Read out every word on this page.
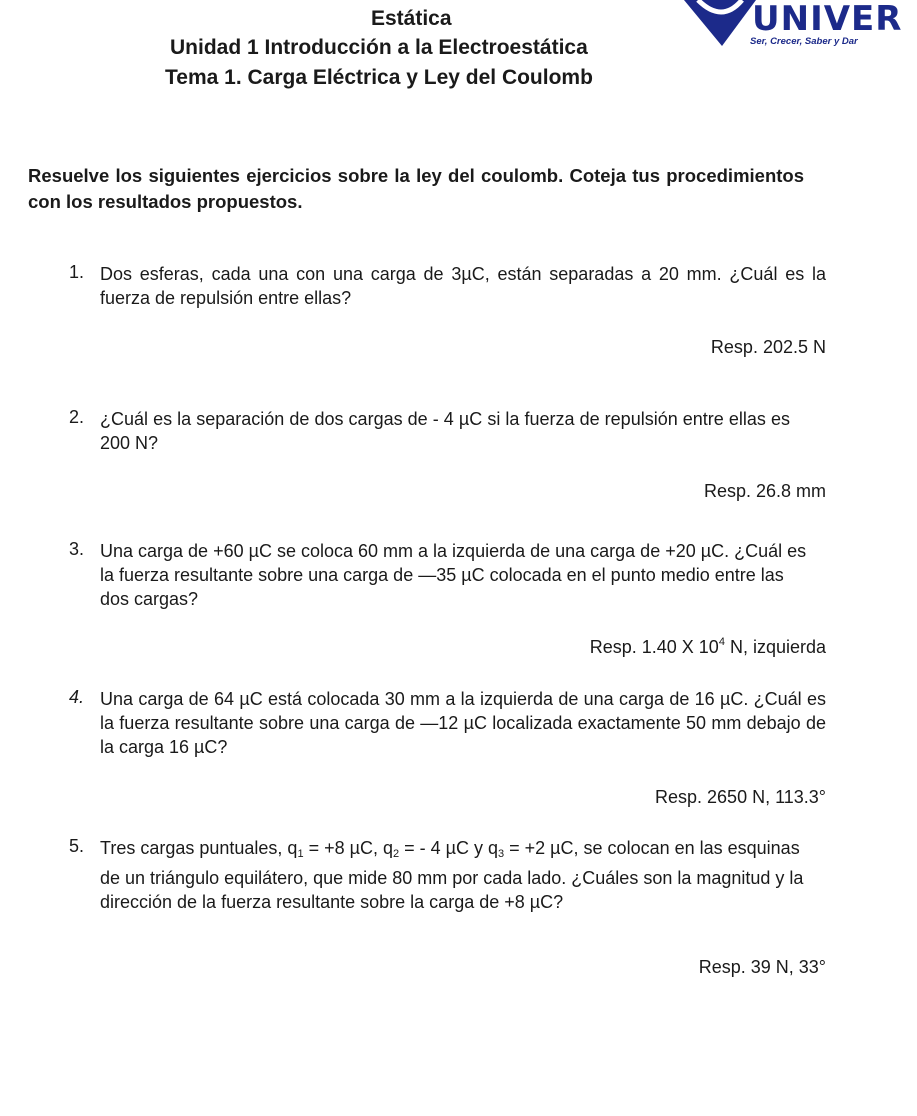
Estática
Unidad 1 Introducción a la Electroestática
Tema 1. Carga Eléctrica y Ley del Coulomb
UNIVER
Ser, Crecer, Saber y Dar
Resuelve los siguientes ejercicios sobre la ley del coulomb. Coteja tus procedimientos con los resultados propuestos.
1. Dos esferas, cada una con una carga de 3µC, están separadas a 20 mm. ¿Cuál es la fuerza de repulsión entre ellas?
Resp. 202.5 N
2. ¿Cuál es la separación de dos cargas de - 4 µC si la fuerza de repulsión entre ellas es 200 N?
Resp. 26.8 mm
3. Una carga de +60 µC se coloca 60 mm a la izquierda de una carga de +20 µC. ¿Cuál es la fuerza resultante sobre una carga de —35 µC colocada en el punto medio entre las dos cargas?
Resp. 1.40 X $10^4$ N, izquierda
4. Una carga de 64 µC está colocada 30 mm a la izquierda de una carga de 16 µC. ¿Cuál es la fuerza resultante sobre una carga de —12 µC localizada exactamente 50 mm debajo de la carga 16 µC?
Resp. 2650 N, 113.3°
5. Tres cargas puntuales, $q_1 = +8$ µC, $q_2$ = - 4 µC y $q_3 = +2$ µC, se colocan en las esquinas de un triángulo equilátero, que mide 80 mm por cada lado. ¿Cuáles son la magnitud y la dirección de la fuerza resultante sobre la carga de +8 µC?
Resp. 39 N, 33°
